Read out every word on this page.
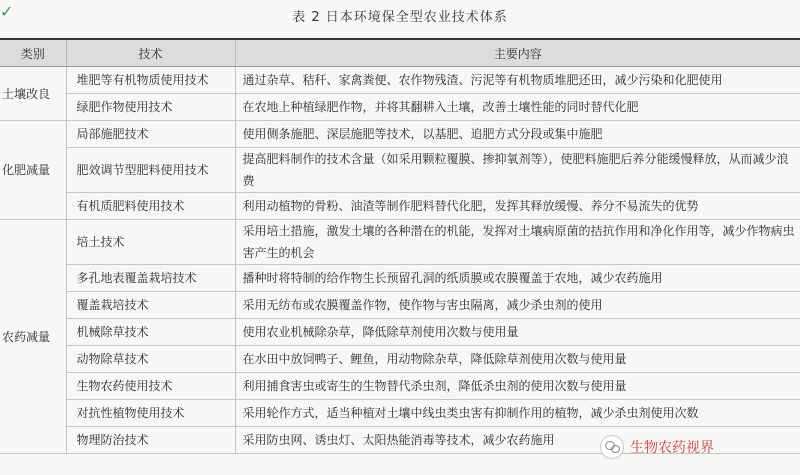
✓	表 2 日本环境保全型农业技术体系
类别	技术	主要内容
土壤改良	堆肥等有机物质使用技术	通过杂草、秸秆、家禽粪便、农作物残渣、污泥等有机物质堆肥还田，减少污染和化肥使用
	绿肥作物使用技术	在农地上种植绿肥作物，并将其翻耕入土壤，改善土壤性能的同时替代化肥
化肥减量	局部施肥技术	使用侧条施肥、深层施肥等技术，以基肥、追肥方式分段或集中施肥
	肥效调节型肥料使用技术	提高肥料制作的技术含量（如采用颗粒覆膜、掺抑氧剂等），使肥料施肥后养分能缓慢释放，从而减少浪费
	有机质肥料使用技术	利用动植物的骨粉、油渣等制作肥料替代化肥，发挥其释放缓慢、养分不易流失的优势
农药减量	培土技术	采用培土措施，激发土壤的各种潜在的机能，发挥对土壤病原菌的拮抗作用和净化作用等，减少作物病虫害产生的机会
	多孔地表覆盖栽培技术	播种时将特制的给作物生长预留孔洞的纸质膜或农膜覆盖于农地，减少农药施用
	覆盖栽培技术	采用无纺布或农膜覆盖作物，使作物与害虫隔离，减少杀虫剂的使用
	机械除草技术	使用农业机械除杂草，降低除草剂使用次数与使用量
	动物除草技术	在水田中放饲鸭子、鲤鱼，用动物除杂草，降低除草剂使用次数与使用量
	生物农药使用技术	利用捕食害虫或寄生的生物替代杀虫剂，降低杀虫剂的使用次数与使用量
	对抗性植物使用技术	采用轮作方式，适当种植对土壤中线虫类虫害有抑制作用的植物，减少杀虫剂使用次数
	物理防治技术	采用防虫网、诱虫灯、太阳热能消毒等技术，减少农药施用	生物农药视界
